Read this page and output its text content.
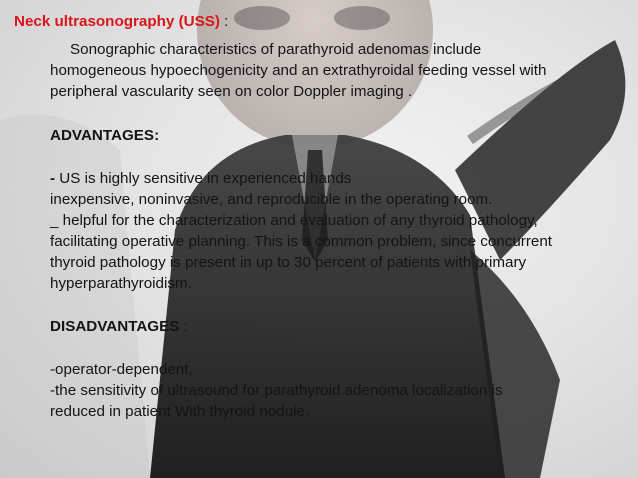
Neck ultrasonography (USS) :
Sonographic characteristics of parathyroid adenomas include
homogeneous hypoechogenicity and an extrathyroidal feeding vessel with
peripheral vascularity seen on color Doppler imaging .
ADVANTAGES:
- US is highly sensitive in experienced hands
inexpensive, noninvasive, and reproducible in the operating room.
_ helpful for the characterization and evaluation of any thyroid pathology,
facilitating operative planning. This is a common problem, since concurrent
thyroid pathology is present in up to 30 percent of patients with primary
hyperparathyroidism.
DISADVANTAGES :
-operator-dependent,
-the sensitivity of ultrasound for parathyroid adenoma localization is
reduced in patient With thyroid nodule.
